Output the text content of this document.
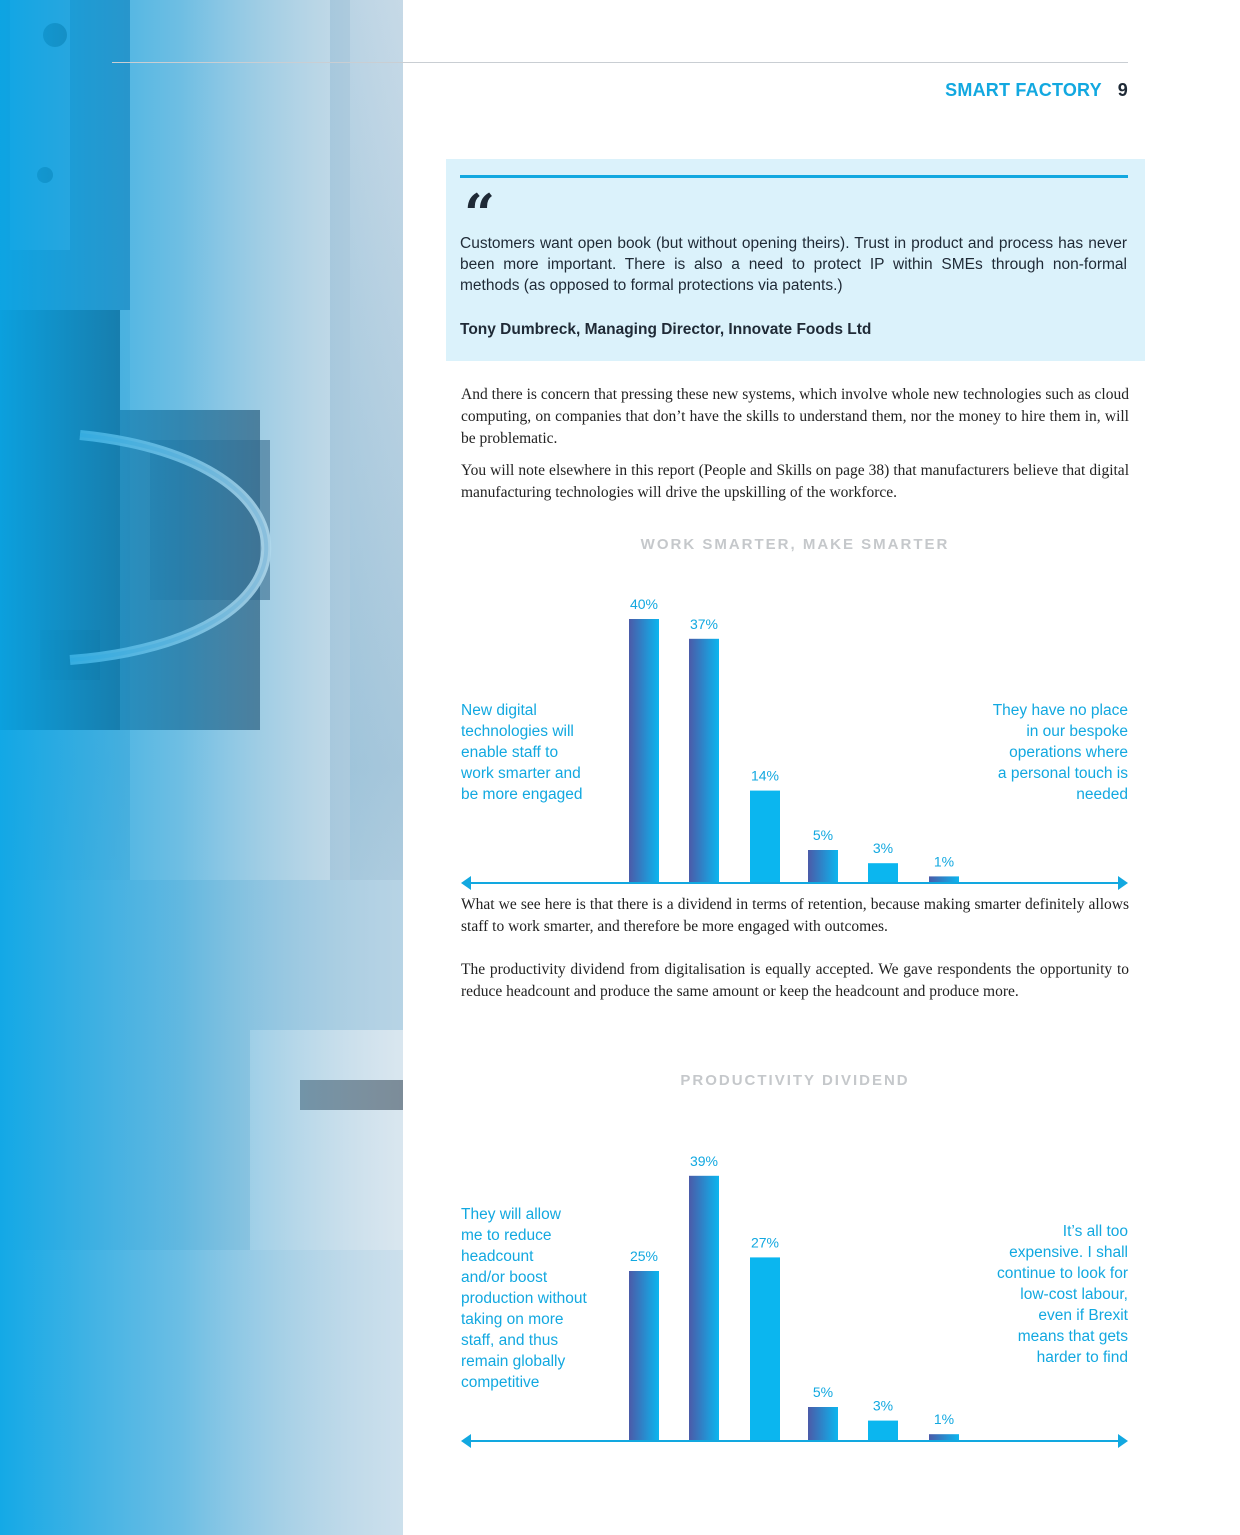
SMART FACTORY 9
“
Customers want open book (but without opening theirs). Trust in product and process has never been more important. There is also a need to protect IP within SMEs through non-formal methods (as opposed to formal protections via patents.)
Tony Dumbreck, Managing Director, Innovate Foods Ltd

And there is concern that pressing these new systems, which involve whole new technologies such as cloud computing, on companies that don’t have the skills to understand them, nor the money to hire them in, will be problematic.

You will note elsewhere in this report (People and Skills on page 38) that manufacturers believe that digital manufacturing technologies will drive the upskilling of the workforce.

WORK SMARTER, MAKE SMARTER
New digital
technologies will
enable staff to
work smarter and
be more engaged
They have no place
in our bespoke
operations where
a personal touch is
needed
40%
37%
14%
5%
3%
1%

What we see here is that there is a dividend in terms of retention, because making smarter definitely allows staff to work smarter, and therefore be more engaged with outcomes.

The productivity dividend from digitalisation is equally accepted. We gave respondents the opportunity to reduce headcount and produce the same amount or keep the headcount and produce more.

PRODUCTIVITY DIVIDEND
They will allow
me to reduce
headcount
and/or boost
production without
taking on more
staff, and thus
remain globally
competitive
It’s all too
expensive. I shall
continue to look for
low-cost labour,
even if Brexit
means that gets
harder to find
25%
39%
27%
5%
3%
1%
